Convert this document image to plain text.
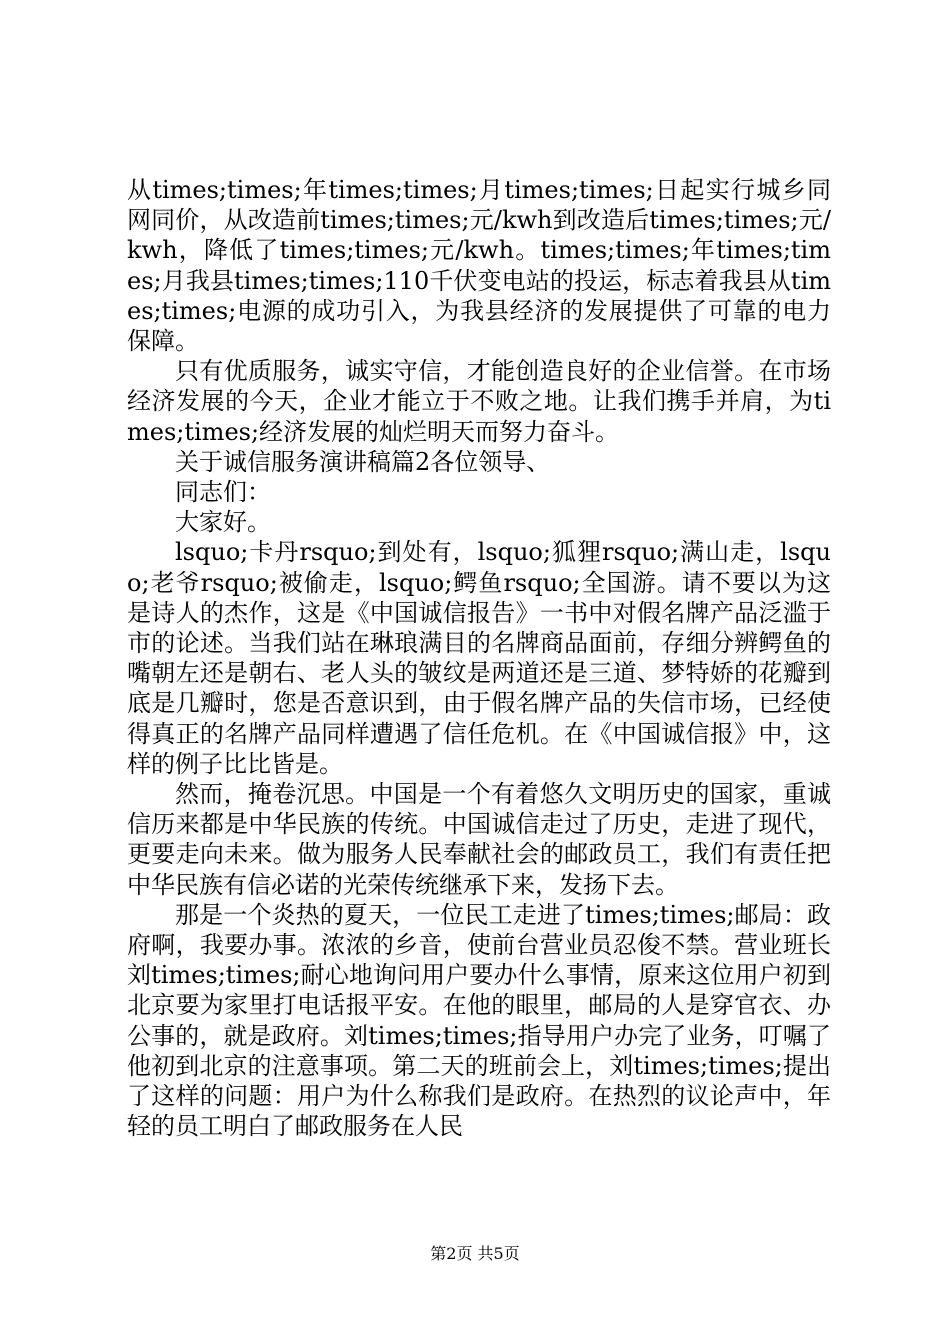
从times;times;年times;times;月times;times;日起实行城乡同网同价，从改造前times;times;元/kwh到改造后times;times;元/kwh，降低了times;times;元/kwh。times;times;年times;times;月我县times;times;110千伏变电站的投运，标志着我县从times;times;电源的成功引入，为我县经济的发展提供了可靠的电力保障。

只有优质服务，诚实守信，才能创造良好的企业信誉。在市场经济发展的今天，企业才能立于不败之地。让我们携手并肩，为times;times;经济发展的灿烂明天而努力奋斗。

关于诚信服务演讲稿篇2各位领导、

同志们：

大家好。

lsquo;卡丹rsquo;到处有，lsquo;狐狸rsquo;满山走，lsquo;老爷rsquo;被偷走，lsquo;鳄鱼rsquo;全国游。请不要以为这是诗人的杰作，这是《中国诚信报告》一书中对假名牌产品泛滥于市的论述。当我们站在琳琅满目的名牌商品面前，存细分辨鳄鱼的嘴朝左还是朝右、老人头的皱纹是两道还是三道、梦特娇的花瓣到底是几瓣时，您是否意识到，由于假名牌产品的失信市场，已经使得真正的名牌产品同样遭遇了信任危机。在《中国诚信报》中，这样的例子比比皆是。

然而，掩卷沉思。中国是一个有着悠久文明历史的国家，重诚信历来都是中华民族的传统。中国诚信走过了历史，走进了现代，更要走向未来。做为服务人民奉献社会的邮政员工，我们有责任把中华民族有信必诺的光荣传统继承下来，发扬下去。

那是一个炎热的夏天，一位民工走进了times;times;邮局：政府啊，我要办事。浓浓的乡音，使前台营业员忍俊不禁。营业班长刘times;times;耐心地询问用户要办什么事情，原来这位用户初到北京要为家里打电话报平安。在他的眼里，邮局的人是穿官衣、办公事的，就是政府。刘times;times;指导用户办完了业务，叮嘱了他初到北京的注意事项。第二天的班前会上，刘times;times;提出了这样的问题：用户为什么称我们是政府。在热烈的议论声中，年轻的员工明白了邮政服务在人民

第2页 共5页
